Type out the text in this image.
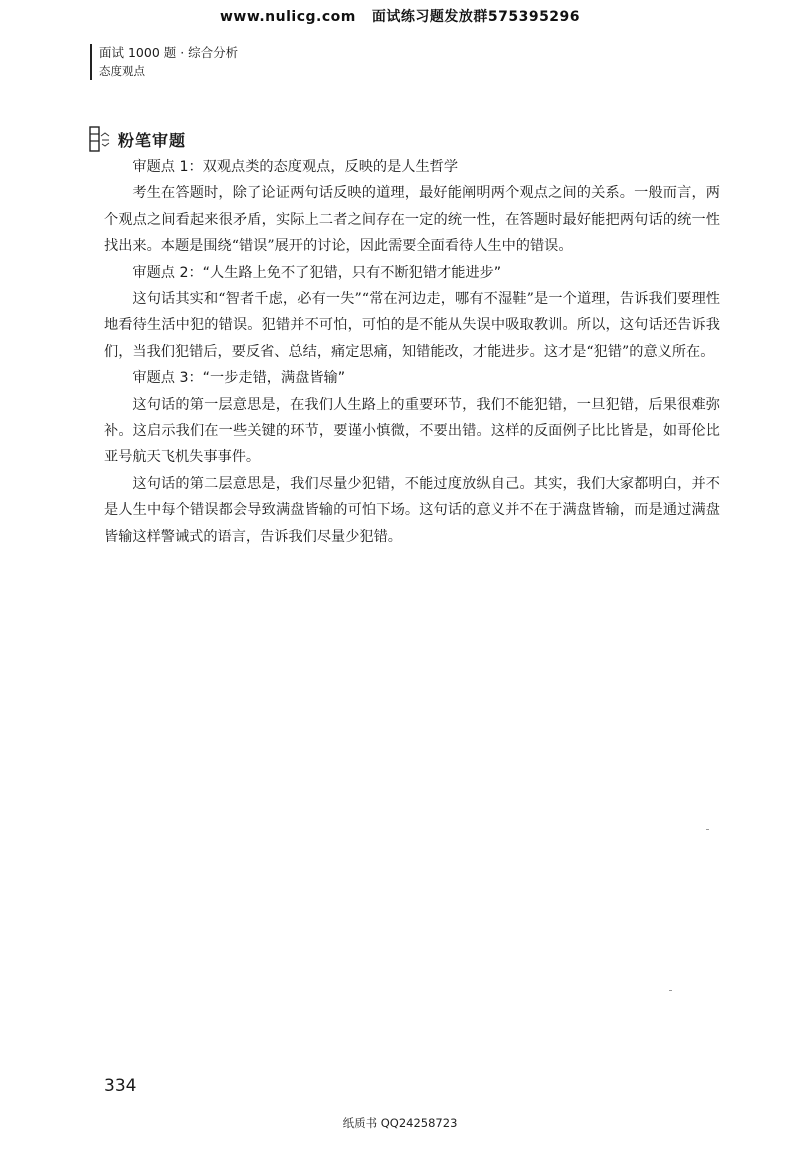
www.nulicg.com 面试练习题发放群575395296
面试 1000 题 · 综合分析
态度观点
粉笔审题

审题点 1：双观点类的态度观点，反映的是人生哲学

考生在答题时，除了论证两句话反映的道理，最好能阐明两个观点之间的关系。一般而言，两个观点之间看起来很矛盾，实际上二者之间存在一定的统一性，在答题时最好能把两句话的统一性找出来。本题是围绕“错误”展开的讨论，因此需要全面看待人生中的错误。

审题点 2：“人生路上免不了犯错，只有不断犯错才能进步”

这句话其实和“智者千虑，必有一失”“常在河边走，哪有不湿鞋”是一个道理，告诉我们要理性地看待生活中犯的错误。犯错并不可怕，可怕的是不能从失误中吸取教训。所以，这句话还告诉我们，当我们犯错后，要反省、总结，痛定思痛，知错能改，才能进步。这才是“犯错”的意义所在。

审题点 3：“一步走错，满盘皆输”

这句话的第一层意思是，在我们人生路上的重要环节，我们不能犯错，一旦犯错，后果很难弥补。这启示我们在一些关键的环节，要谨小慎微，不要出错。这样的反面例子比比皆是，如哥伦比亚号航天飞机失事事件。

这句话的第二层意思是，我们尽量少犯错，不能过度放纵自己。其实，我们大家都明白，并不是人生中每个错误都会导致满盘皆输的可怕下场。这句话的意义并不在于满盘皆输，而是通过满盘皆输这样警诫式的语言，告诉我们尽量少犯错。

334
纸质书 QQ24258723
